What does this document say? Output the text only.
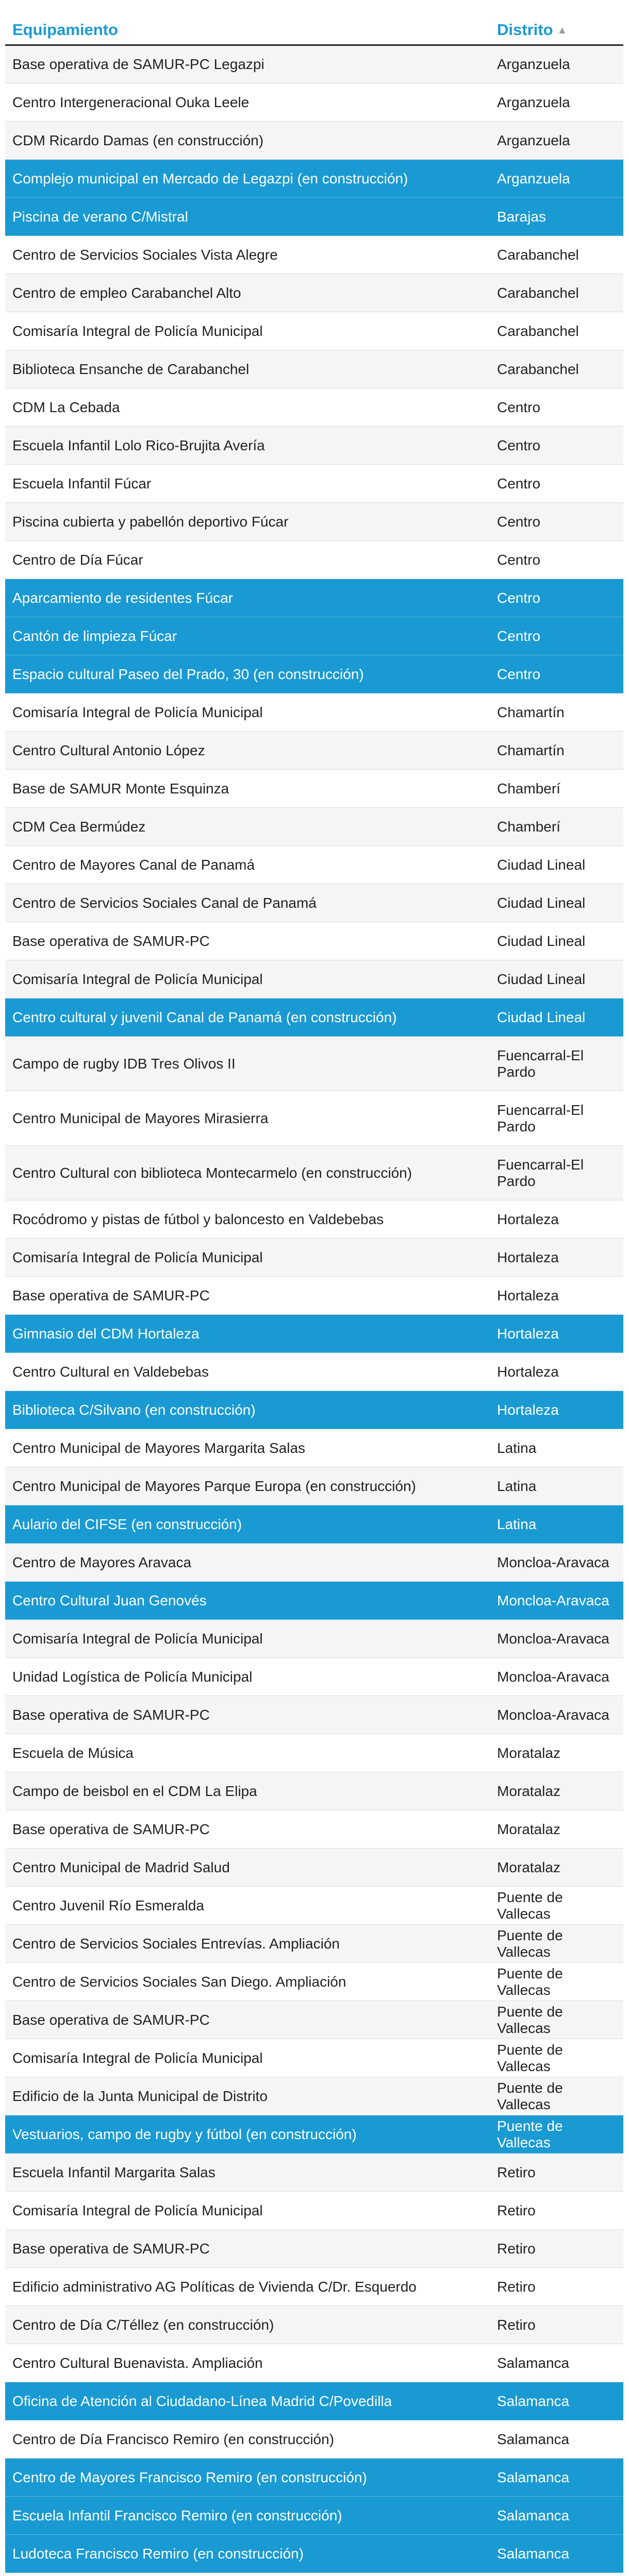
Equipamiento	Distrito ▲
Base operativa de SAMUR-PC Legazpi	Arganzuela
Centro Intergeneracional Ouka Leele	Arganzuela
CDM Ricardo Damas (en construcción)	Arganzuela
Complejo municipal en Mercado de Legazpi (en construcción)	Arganzuela
Piscina de verano C/Mistral	Barajas
Centro de Servicios Sociales Vista Alegre	Carabanchel
Centro de empleo Carabanchel Alto	Carabanchel
Comisaría Integral de Policía Municipal	Carabanchel
Biblioteca Ensanche de Carabanchel	Carabanchel
CDM La Cebada	Centro
Escuela Infantil Lolo Rico-Brujita Avería	Centro
Escuela Infantil Fúcar	Centro
Piscina cubierta y pabellón deportivo Fúcar	Centro
Centro de Día Fúcar	Centro
Aparcamiento de residentes Fúcar	Centro
Cantón de limpieza Fúcar	Centro
Espacio cultural Paseo del Prado, 30 (en construcción)	Centro
Comisaría Integral de Policía Municipal	Chamartín
Centro Cultural Antonio López	Chamartín
Base de SAMUR Monte Esquinza	Chamberí
CDM Cea Bermúdez	Chamberí
Centro de Mayores Canal de Panamá	Ciudad Lineal
Centro de Servicios Sociales Canal de Panamá	Ciudad Lineal
Base operativa de SAMUR-PC	Ciudad Lineal
Comisaría Integral de Policía Municipal	Ciudad Lineal
Centro cultural y juvenil Canal de Panamá (en construcción)	Ciudad Lineal
Campo de rugby IDB Tres Olivos II	Fuencarral-El Pardo
Centro Municipal de Mayores Mirasierra	Fuencarral-El Pardo
Centro Cultural con biblioteca Montecarmelo (en construcción)	Fuencarral-El Pardo
Rocódromo y pistas de fútbol y baloncesto en Valdebebas	Hortaleza
Comisaría Integral de Policía Municipal	Hortaleza
Base operativa de SAMUR-PC	Hortaleza
Gimnasio del CDM Hortaleza	Hortaleza
Centro Cultural en Valdebebas	Hortaleza
Biblioteca C/Silvano (en construcción)	Hortaleza
Centro Municipal de Mayores Margarita Salas	Latina
Centro Municipal de Mayores Parque Europa (en construcción)	Latina
Aulario del CIFSE (en construcción)	Latina
Centro de Mayores Aravaca	Moncloa-Aravaca
Centro Cultural Juan Genovés	Moncloa-Aravaca
Comisaría Integral de Policía Municipal	Moncloa-Aravaca
Unidad Logística de Policía Municipal	Moncloa-Aravaca
Base operativa de SAMUR-PC	Moncloa-Aravaca
Escuela de Música	Moratalaz
Campo de beisbol en el CDM La Elipa	Moratalaz
Base operativa de SAMUR-PC	Moratalaz
Centro Municipal de Madrid Salud	Moratalaz
Centro Juvenil Río Esmeralda	Puente de Vallecas
Centro de Servicios Sociales Entrevías. Ampliación	Puente de Vallecas
Centro de Servicios Sociales San Diego. Ampliación	Puente de Vallecas
Base operativa de SAMUR-PC	Puente de Vallecas
Comisaría Integral de Policía Municipal	Puente de Vallecas
Edificio de la Junta Municipal de Distrito	Puente de Vallecas
Vestuarios, campo de rugby y fútbol (en construcción)	Puente de Vallecas
Escuela Infantil Margarita Salas	Retiro
Comisaría Integral de Policía Municipal	Retiro
Base operativa de SAMUR-PC	Retiro
Edificio administrativo AG Políticas de Vivienda C/Dr. Esquerdo	Retiro
Centro de Día C/Téllez (en construcción)	Retiro
Centro Cultural Buenavista. Ampliación	Salamanca
Oficina de Atención al Ciudadano-Línea Madrid C/Povedilla	Salamanca
Centro de Día Francisco Remiro (en construcción)	Salamanca
Centro de Mayores Francisco Remiro (en construcción)	Salamanca
Escuela Infantil Francisco Remiro (en construcción)	Salamanca
Ludoteca Francisco Remiro (en construcción)	Salamanca
